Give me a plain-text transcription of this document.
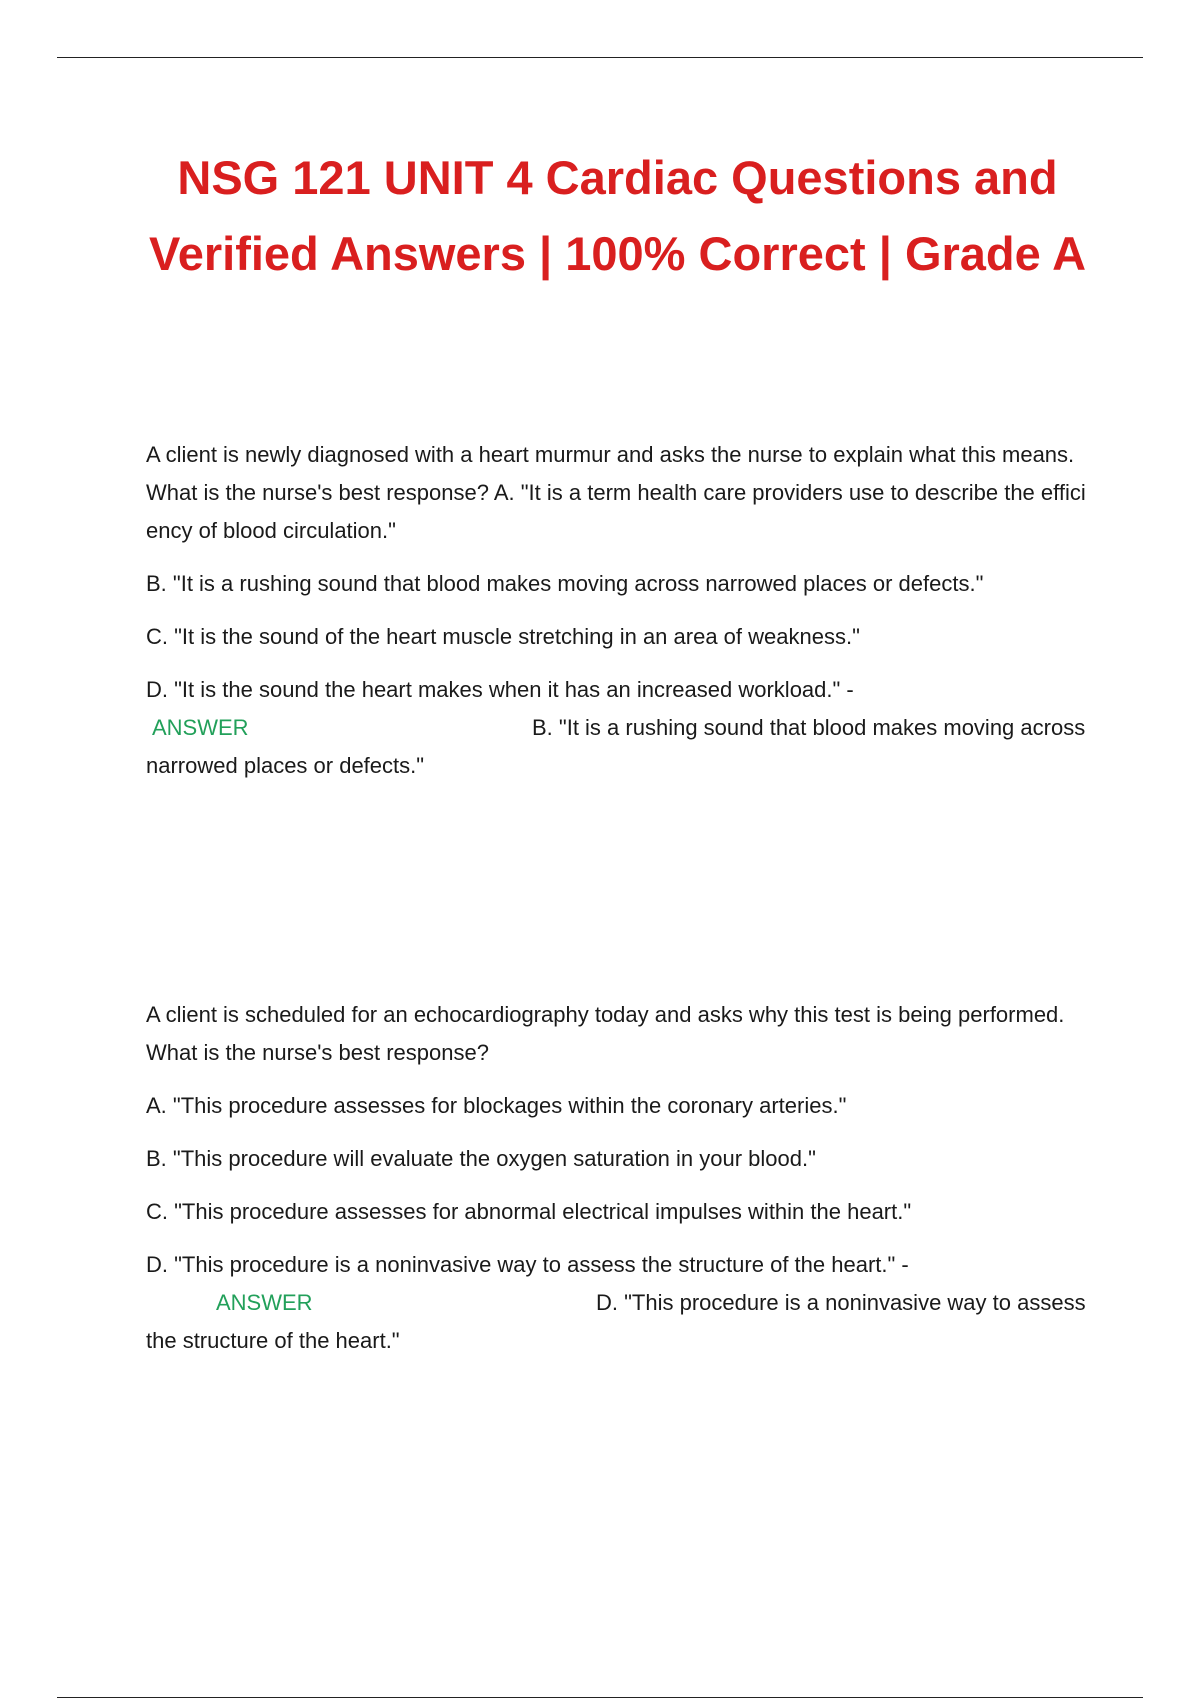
NSG 121 UNIT 4 Cardiac Questions and Verified Answers | 100% Correct | Grade A

A client is newly diagnosed with a heart murmur and asks the nurse to explain what this means. What is the nurse's best response? A. "It is a term health care providers use to describe the efficiency of blood circulation."

B. "It is a rushing sound that blood makes moving across narrowed places or defects."

C. "It is the sound of the heart muscle stretching in an area of weakness."

D. "It is the sound the heart makes when it has an increased workload." -
ANSWER	B. "It is a rushing sound that blood makes moving across narrowed places or defects."

A client is scheduled for an echocardiography today and asks why this test is being performed. What is the nurse's best response?

A. "This procedure assesses for blockages within the coronary arteries."

B. "This procedure will evaluate the oxygen saturation in your blood."

C. "This procedure assesses for abnormal electrical impulses within the heart."

D. "This procedure is a noninvasive way to assess the structure of the heart." -
ANSWER	D. "This procedure is a noninvasive way to assess the structure of the heart."
